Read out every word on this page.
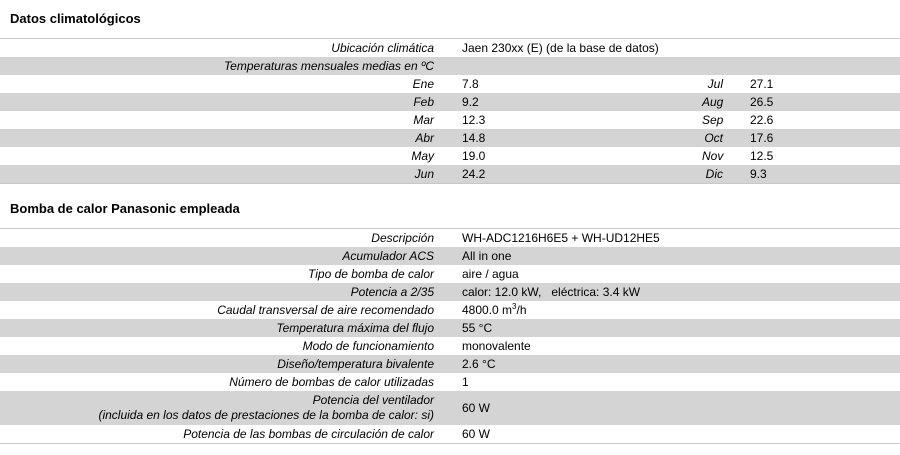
Datos climatológicos
Ubicación climática	Jaen 230xx (E) (de la base de datos)		
Temperaturas mensuales medias en ºC			
Ene	7.8	Jul	27.1
Feb	9.2	Aug	26.5
Mar	12.3	Sep	22.6
Abr	14.8	Oct	17.6
May	19.0	Nov	12.5
Jun	24.2	Dic	9.3
Bomba de calor Panasonic empleada
Descripción	WH-ADC1216H6E5 + WH-UD12HE5
Acumulador ACS	All in one
Tipo de bomba de calor	aire / agua
Potencia a 2/35	calor: 12.0 kW,   eléctrica: 3.4 kW
Caudal transversal de aire recomendado	4800.0 $m^3/h$
Temperatura máxima del flujo	55 °C
Modo de funcionamiento	monovalente
Diseño/temperatura bivalente	2.6 °C
Número de bombas de calor utilizadas	1
Potencia del ventilador
(incluida en los datos de prestaciones de la bomba de calor: si)	60 W
Potencia de las bombas de circulación de calor	60 W
